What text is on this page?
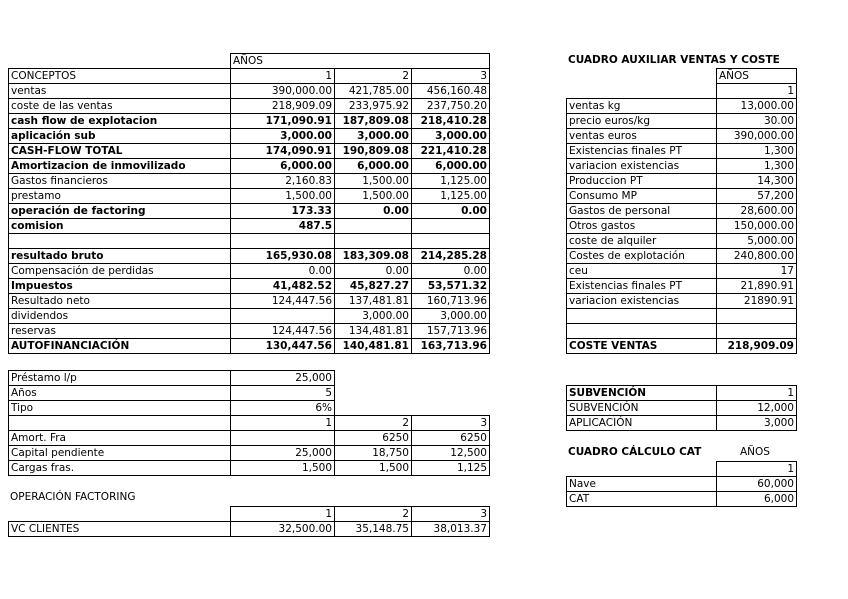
	AÑOS		
CONCEPTOS	1	2	3
ventas	390,000.00	421,785.00	456,160.48
coste de las ventas	218,909.09	233,975.92	237,750.20
cash flow de explotacion	171,090.91	187,809.08	218,410.28
aplicación sub	3,000.00	3,000.00	3,000.00
CASH-FLOW TOTAL	174,090.91	190,809.08	221,410.28
Amortizacion de inmovilizado	6,000.00	6,000.00	6,000.00
Gastos financieros	2,160.83	1,500.00	1,125.00
prestamo	1,500.00	1,500.00	1,125.00
operación de factoring	173.33	0.00	0.00
comision	487.5		

resultado bruto	165,930.08	183,309.08	214,285.28
Compensación de perdidas	0.00	0.00	0.00
Impuestos	41,482.52	45,827.27	53,571.32
Resultado neto	124,447.56	137,481.81	160,713.96
dividendos		3,000.00	3,000.00
reservas	124,447.56	134,481.81	157,713.96
AUTOFINANCIACIÓN	130,447.56	140,481.81	163,713.96
Préstamo l/p	25,000		
Años	5		
Tipo	6%		
	1	2	3
Amort. Fra		6250	6250
Capital pendiente	25,000	18,750	12,500
Cargas fras.	1,500	1,500	1,125
OPERACIÓN FACTORING
	1	2	3
VC CLIENTES	32,500.00	35,148.75	38,013.37
CUADRO AUXILIAR VENTAS Y COSTE
	AÑOS
	1
ventas kg	13,000.00
precio euros/kg	30.00
ventas euros	390,000.00
Existencias finales PT	1,300
variacion existencias	1,300
Produccion PT	14,300
Consumo MP	57,200
Gastos de personal	28,600.00
Otros gastos	150,000.00
coste de alquiler	5,000.00
Costes de explotación	240,800.00
ceu	17
Existencias finales PT	21,890.91
variacion existencias	21890.91

COSTE VENTAS	218,909.09
SUBVENCIÓN	1
SUBVENCIÓN	12,000
APLICACIÓN	3,000
CUADRO CÁLCULO CAT	AÑOS
	1
Nave	60,000
CAT	6,000
